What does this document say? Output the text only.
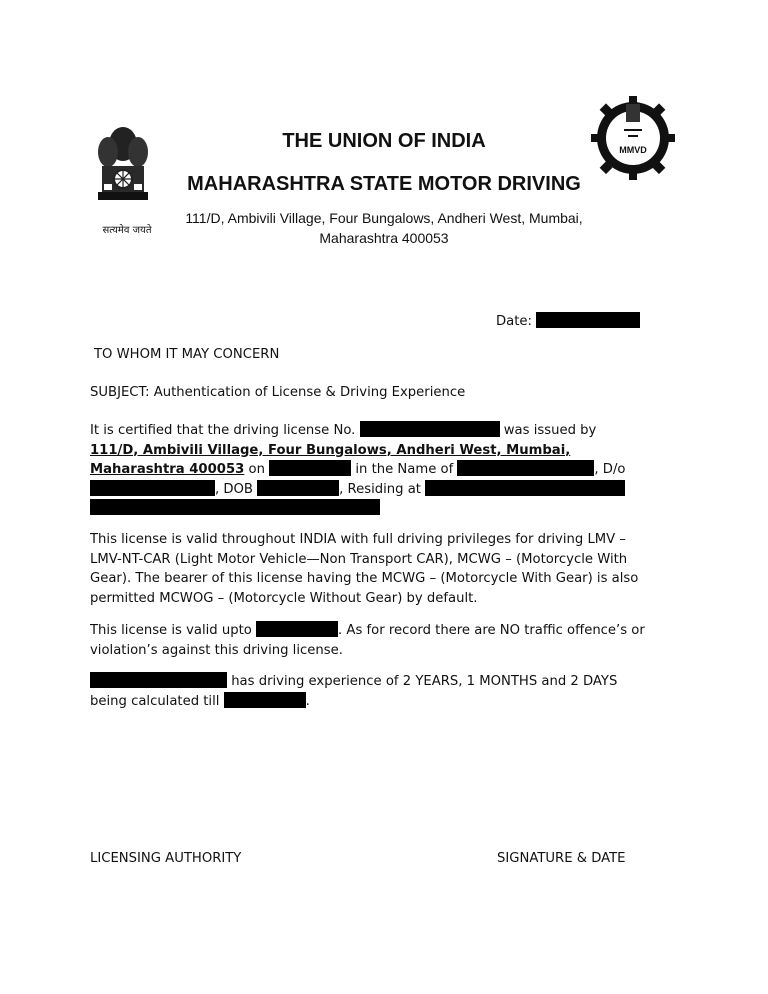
सत्यमेव जयते
MMVD
THE UNION OF INDIA
MAHARASHTRA STATE MOTOR DRIVING
111/D, Ambivili Village, Four Bungalows, Andheri West, Mumbai,
Maharashtra 400053
Date:
TO WHOM IT MAY CONCERN
SUBJECT: Authentication of License & Driving Experience
It is certified that the driving license No.	was issued by
111/D, Ambivili Village, Four Bungalows, Andheri West, Mumbai,
Maharashtra 400053 on	in the Name of	, D/o
, DOB	, Residing at
This license is valid throughout INDIA with full driving privileges for driving LMV –
LMV-NT-CAR (Light Motor Vehicle—Non Transport CAR), MCWG – (Motorcycle With
Gear). The bearer of this license having the MCWG – (Motorcycle With Gear) is also
permitted MCWOG – (Motorcycle Without Gear) by default.
This license is valid upto	. As for record there are NO traffic offence’s or
violation’s against this driving license.
has driving experience of 2 YEARS, 1 MONTHS and 2 DAYS
being calculated till	.
LICENSING AUTHORITY	SIGNATURE & DATE
